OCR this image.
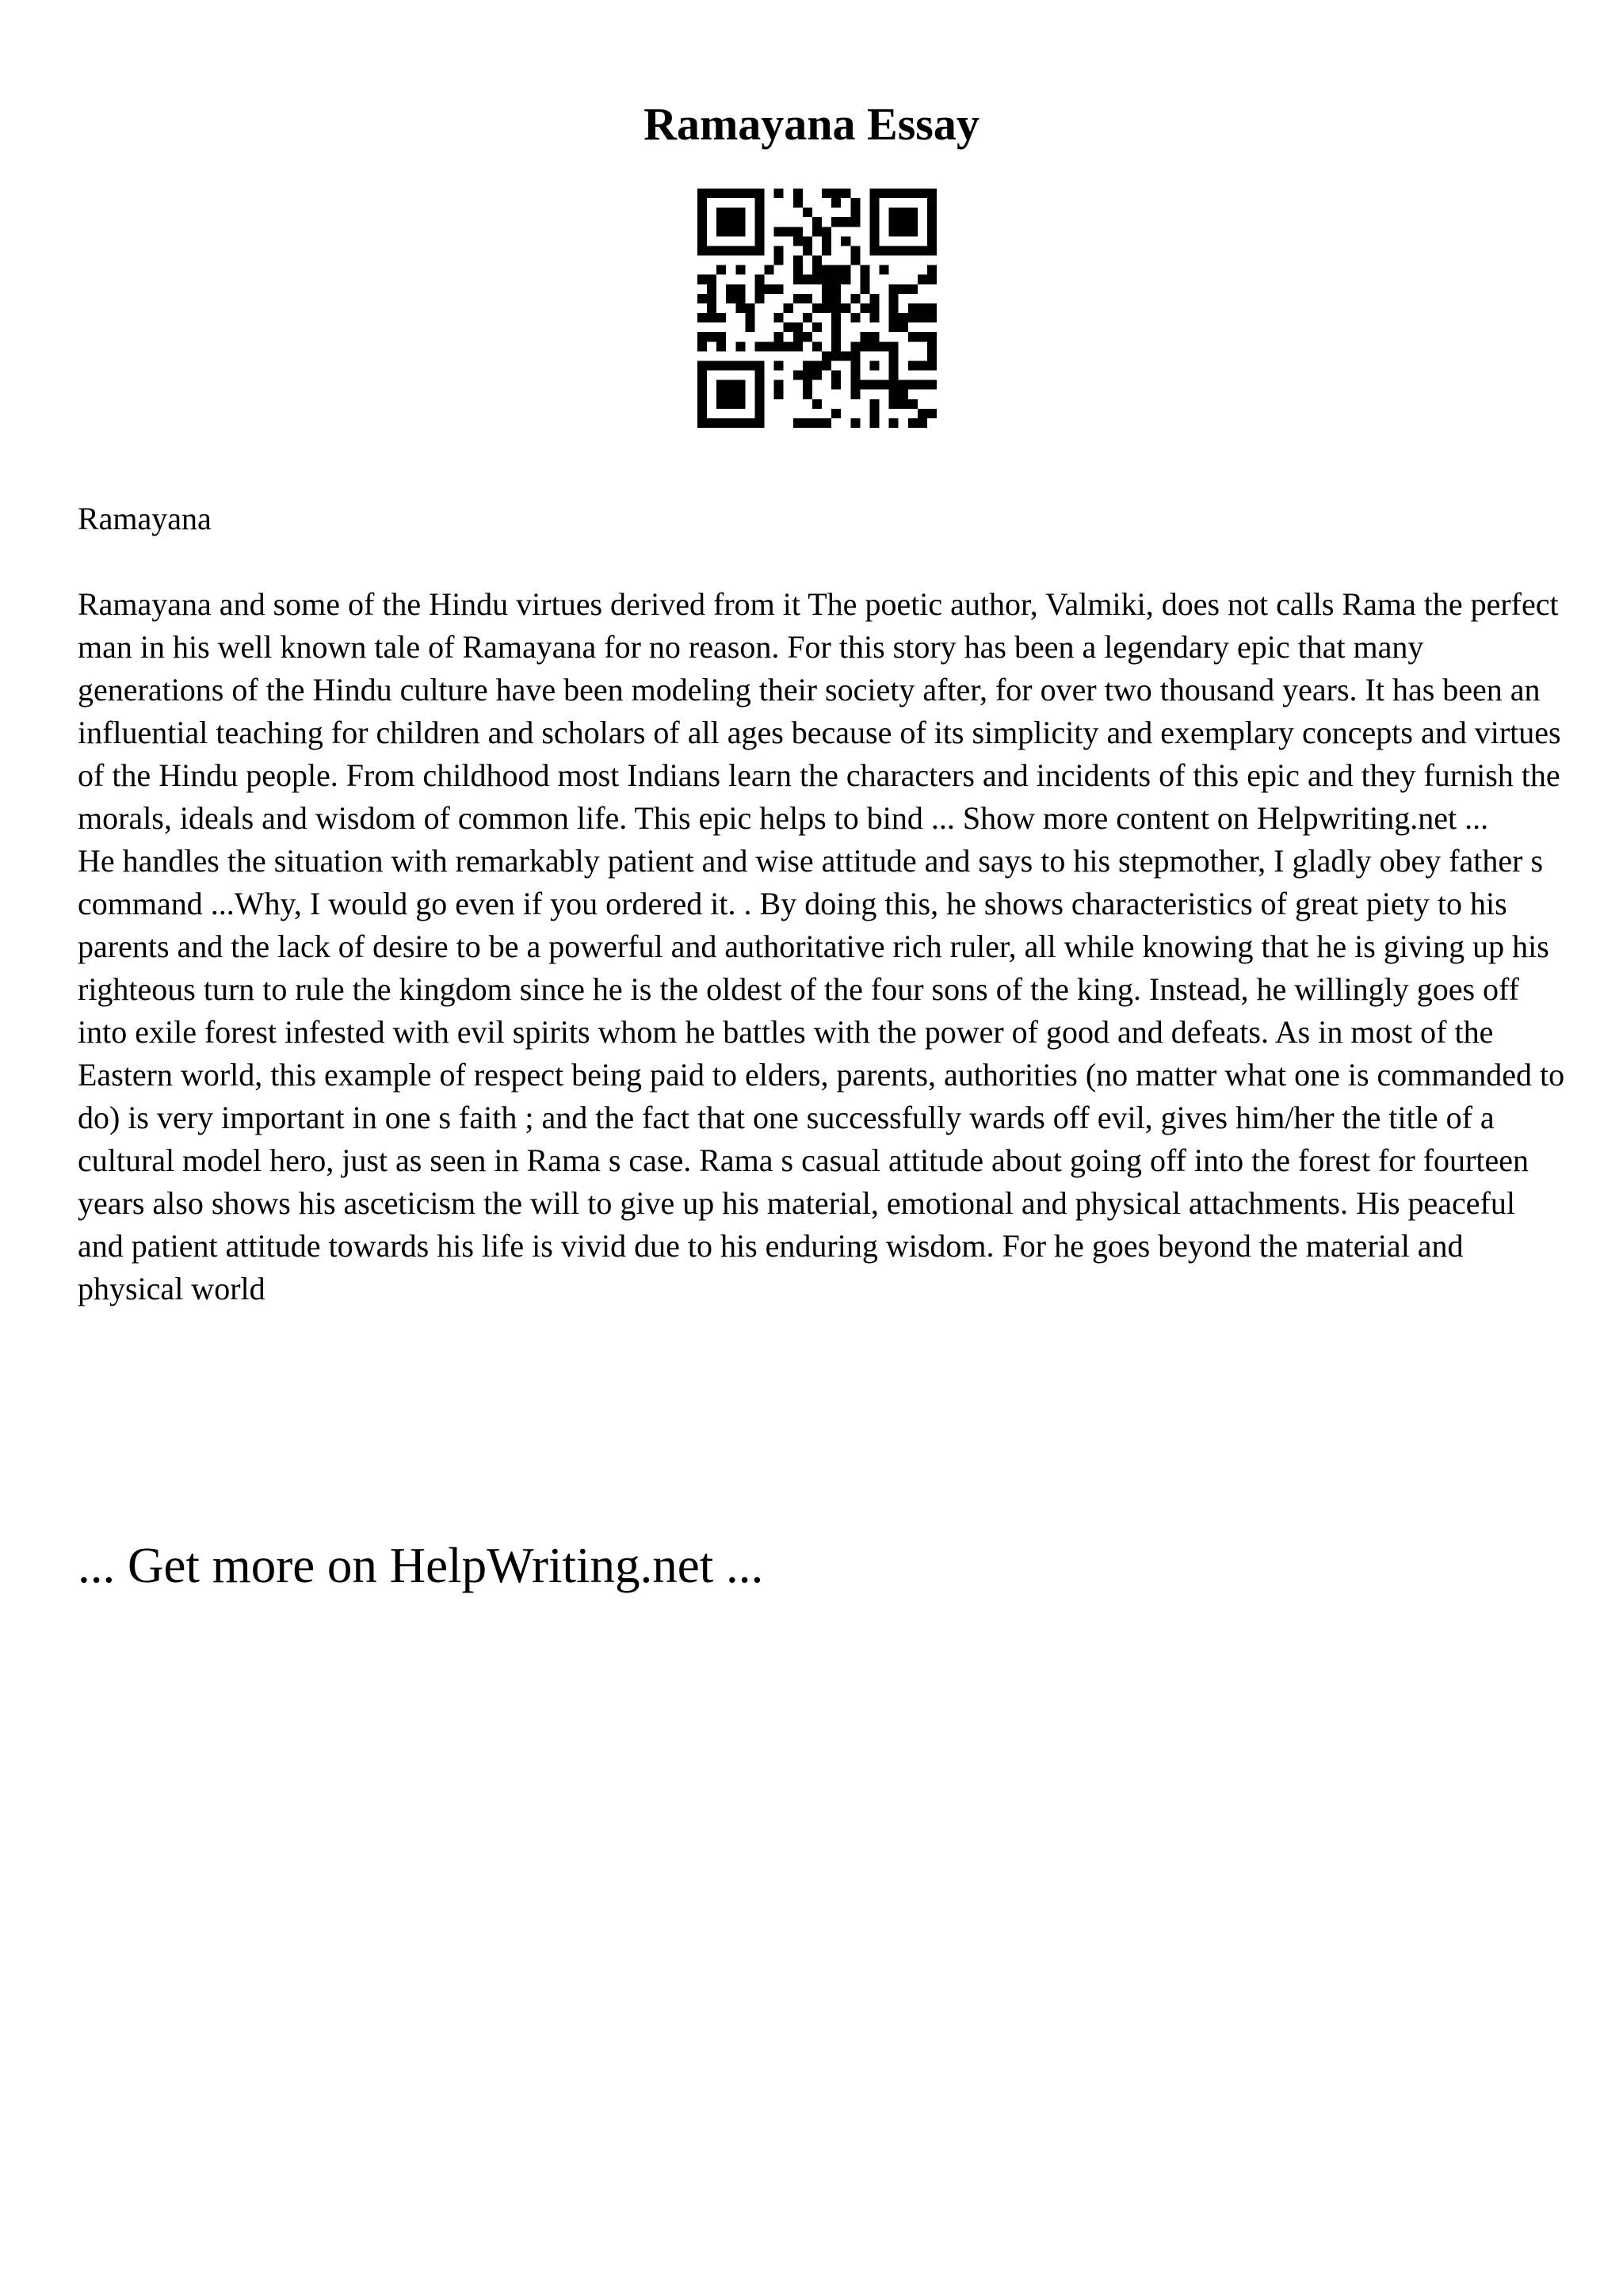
Ramayana Essay

Ramayana

Ramayana and some of the Hindu virtues derived from it The poetic author, Valmiki, does not calls Rama the perfect man in his well known tale of Ramayana for no reason. For this story has been a legendary epic that many generations of the Hindu culture have been modeling their society after, for over two thousand years. It has been an influential teaching for children and scholars of all ages because of its simplicity and exemplary concepts and virtues of the Hindu people. From childhood most Indians learn the characters and incidents of this epic and they furnish the morals, ideals and wisdom of common life. This epic helps to bind ... Show more content on Helpwriting.net ...

He handles the situation with remarkably patient and wise attitude and says to his stepmother, I gladly obey father s command ...Why, I would go even if you ordered it. . By doing this, he shows characteristics of great piety to his parents and the lack of desire to be a powerful and authoritative rich ruler, all while knowing that he is giving up his righteous turn to rule the kingdom since he is the oldest of the four sons of the king. Instead, he willingly goes off into exile forest infested with evil spirits whom he battles with the power of good and defeats. As in most of the Eastern world, this example of respect being paid to elders, parents, authorities (no matter what one is commanded to do) is very important in one s faith ; and the fact that one successfully wards off evil, gives him/her the title of a cultural model hero, just as seen in Rama s case. Rama s casual attitude about going off into the forest for fourteen years also shows his asceticism the will to give up his material, emotional and physical attachments. His peaceful and patient attitude towards his life is vivid due to his enduring wisdom. For he goes beyond the material and physical world

... Get more on HelpWriting.net ...
